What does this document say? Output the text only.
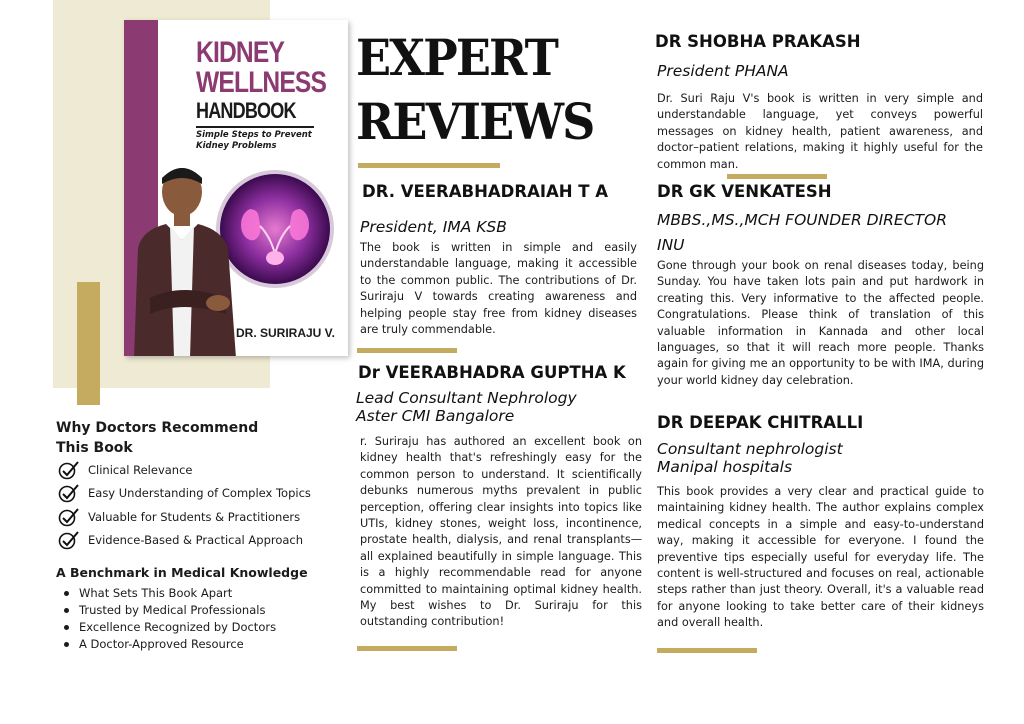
KIDNEY
WELLNESS
HANDBOOK
Simple Steps to Prevent Kidney Problems
DR. SURIRAJU V.
EXPERT
REVIEWS
Why Doctors Recommend This Book
Clinical Relevance
Easy Understanding of Complex Topics
Valuable for Students & Practitioners
Evidence-Based & Practical Approach
A Benchmark in Medical Knowledge
What Sets This Book Apart
Trusted by Medical Professionals
Excellence Recognized by Doctors
A Doctor-Approved Resource
DR. VEERABHADRAIAH T A
President, IMA KSB
The book is written in simple and easily understandable language, making it accessible to the common public. The contributions of Dr. Suriraju V towards creating awareness and helping people stay free from kidney diseases are truly commendable.
Dr VEERABHADRA GUPTHA K
Lead Consultant Nephrology
Aster CMI Bangalore
r. Suriraju has authored an excellent book on kidney health that's refreshingly easy for the common person to understand. It scientifically debunks numerous myths prevalent in public perception, offering clear insights into topics like UTIs, kidney stones, weight loss, incontinence, prostate health, dialysis, and renal transplants—all explained beautifully in simple language. This is a highly recommendable read for anyone committed to maintaining optimal kidney health. My best wishes to Dr. Suriraju for this outstanding contribution!
DR SHOBHA PRAKASH
President PHANA
Dr. Suri Raju V's book is written in very simple and understandable language, yet conveys powerful messages on kidney health, patient awareness, and doctor–patient relations, making it highly useful for the common man.
DR GK VENKATESH
MBBS.,MS.,MCH FOUNDER DIRECTOR
INU
Gone through your book on renal diseases today, being Sunday. You have taken lots pain and put hardwork in creating this. Very informative to the affected people. Congratulations. Please think of translation of this valuable information in Kannada and other local languages, so that it will reach more people. Thanks again for giving me an opportunity to be with IMA, during your world kidney day celebration.
DR DEEPAK CHITRALLI
Consultant nephrologist
Manipal hospitals
This book provides a very clear and practical guide to maintaining kidney health. The author explains complex medical concepts in a simple and easy-to-understand way, making it accessible for everyone. I found the preventive tips especially useful for everyday life. The content is well-structured and focuses on real, actionable steps rather than just theory. Overall, it's a valuable read for anyone looking to take better care of their kidneys and overall health.
